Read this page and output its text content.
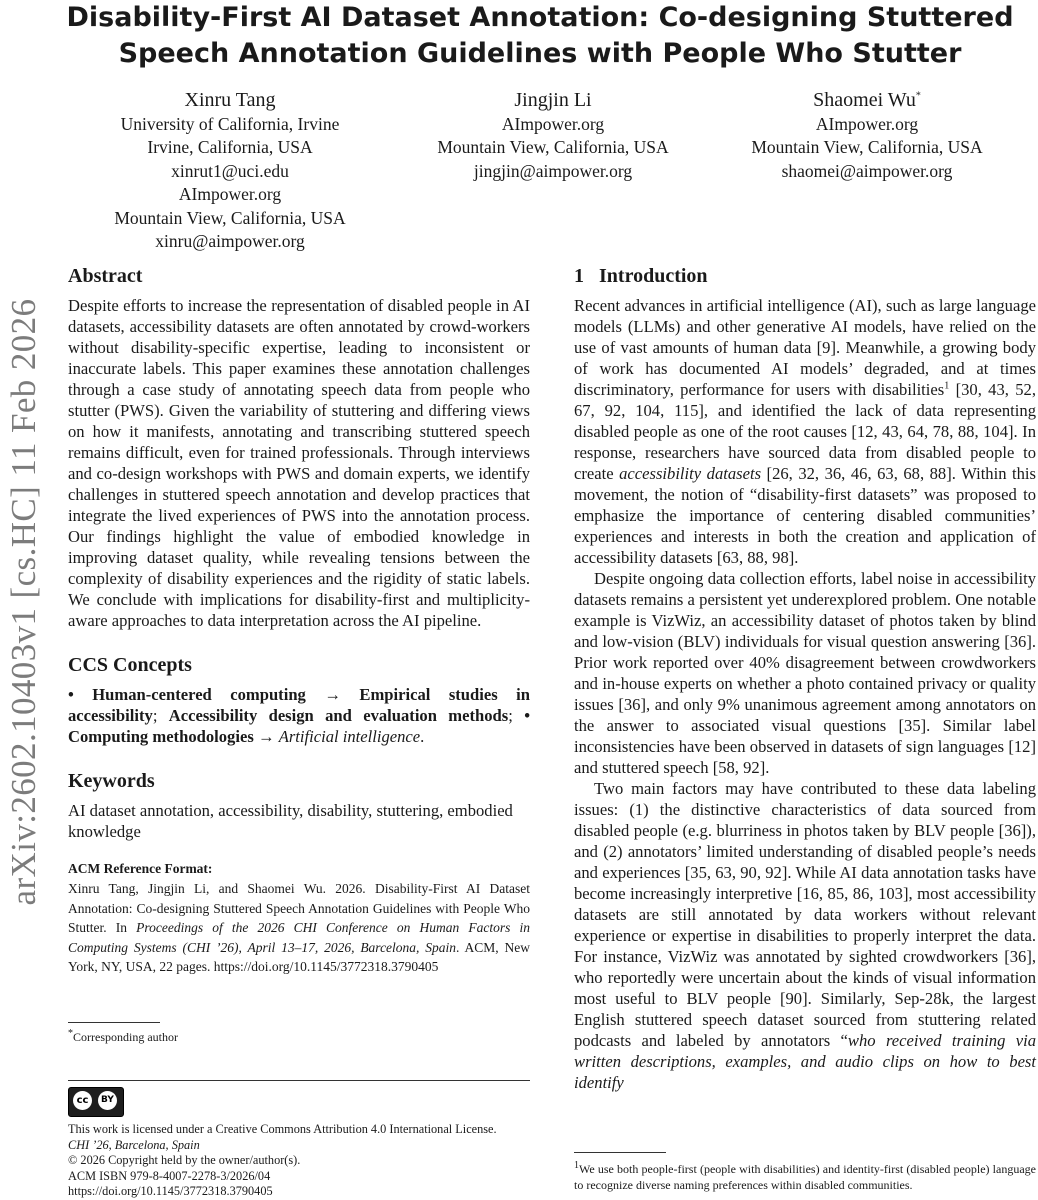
arXiv:2602.10403v1 [cs.HC] 11 Feb 2026
Disability-First AI Dataset Annotation: Co-designing Stuttered
Speech Annotation Guidelines with People Who Stutter
Xinru Tang
University of California, Irvine
Irvine, California, USA
xinrut1@uci.edu
AImpower.org
Mountain View, California, USA
xinru@aimpower.org
Jingjin Li
AImpower.org
Mountain View, California, USA
jingjin@aimpower.org
Shaomei Wu*
AImpower.org
Mountain View, California, USA
shaomei@aimpower.org
Abstract

Despite efforts to increase the representation of disabled people in AI datasets, accessibility datasets are often annotated by crowd-workers without disability-specific expertise, leading to inconsistent or inaccurate labels. This paper examines these annotation challenges through a case study of annotating speech data from people who stutter (PWS). Given the variability of stuttering and differing views on how it manifests, annotating and transcribing stuttered speech remains difficult, even for trained professionals. Through interviews and co-design workshops with PWS and domain experts, we identify challenges in stuttered speech annotation and develop practices that integrate the lived experiences of PWS into the annotation process. Our findings highlight the value of embodied knowledge in improving dataset quality, while revealing tensions between the complexity of disability experiences and the rigidity of static labels. We conclude with implications for disability-first and multiplicity-aware approaches to data interpretation across the AI pipeline.

CCS Concepts

• Human-centered computing → Empirical studies in accessibility; Accessibility design and evaluation methods; • Computing methodologies → Artificial intelligence.

Keywords

AI dataset annotation, accessibility, disability, stuttering, embodied knowledge

ACM Reference Format:

Xinru Tang, Jingjin Li, and Shaomei Wu. 2026. Disability-First AI Dataset Annotation: Co-designing Stuttered Speech Annotation Guidelines with People Who Stutter. In Proceedings of the 2026 CHI Conference on Human Factors in Computing Systems (CHI ’26), April 13–17, 2026, Barcelona, Spain. ACM, New York, NY, USA, 22 pages. https://doi.org/10.1145/3772318.3790405

*Corresponding author

cc	BY

This work is licensed under a Creative Commons Attribution 4.0 International License.

CHI ’26, Barcelona, Spain

© 2026 Copyright held by the owner/author(s).

ACM ISBN 979-8-4007-2278-3/2026/04

https://doi.org/10.1145/3772318.3790405

1 Introduction

Recent advances in artificial intelligence (AI), such as large language models (LLMs) and other generative AI models, have relied on the use of vast amounts of human data [9]. Meanwhile, a growing body of work has documented AI models’ degraded, and at times discriminatory, performance for users with disabilities$^1$ [30, 43, 52, 67, 92, 104, 115], and identified the lack of data representing disabled people as one of the root causes [12, 43, 64, 78, 88, 104]. In response, researchers have sourced data from disabled people to create accessibility datasets [26, 32, 36, 46, 63, 68, 88]. Within this movement, the notion of “disability-first datasets” was proposed to emphasize the importance of centering disabled communities’ experiences and interests in both the creation and application of accessibility datasets [63, 88, 98].

Despite ongoing data collection efforts, label noise in accessibility datasets remains a persistent yet underexplored problem. One notable example is VizWiz, an accessibility dataset of photos taken by blind and low-vision (BLV) individuals for visual question answering [36]. Prior work reported over 40% disagreement between crowdworkers and in-house experts on whether a photo contained privacy or quality issues [36], and only 9% unanimous agreement among annotators on the answer to associated visual questions [35]. Similar label inconsistencies have been observed in datasets of sign languages [12] and stuttered speech [58, 92].

Two main factors may have contributed to these data labeling issues: (1) the distinctive characteristics of data sourced from disabled people (e.g. blurriness in photos taken by BLV people [36]), and (2) annotators’ limited understanding of disabled people’s needs and experiences [35, 63, 90, 92]. While AI data annotation tasks have become increasingly interpretive [16, 85, 86, 103], most accessibility datasets are still annotated by data workers without relevant experience or expertise in disabilities to properly interpret the data. For instance, VizWiz was annotated by sighted crowdworkers [36], who reportedly were uncertain about the kinds of visual information most useful to BLV people [90]. Similarly, Sep-28k, the largest English stuttered speech dataset sourced from stuttering related podcasts and labeled by annotators “who received training via written descriptions, examples, and audio clips on how to best identify

$^1$We use both people-first (people with disabilities) and identity-first (disabled people) language to recognize diverse naming preferences within disabled communities.
